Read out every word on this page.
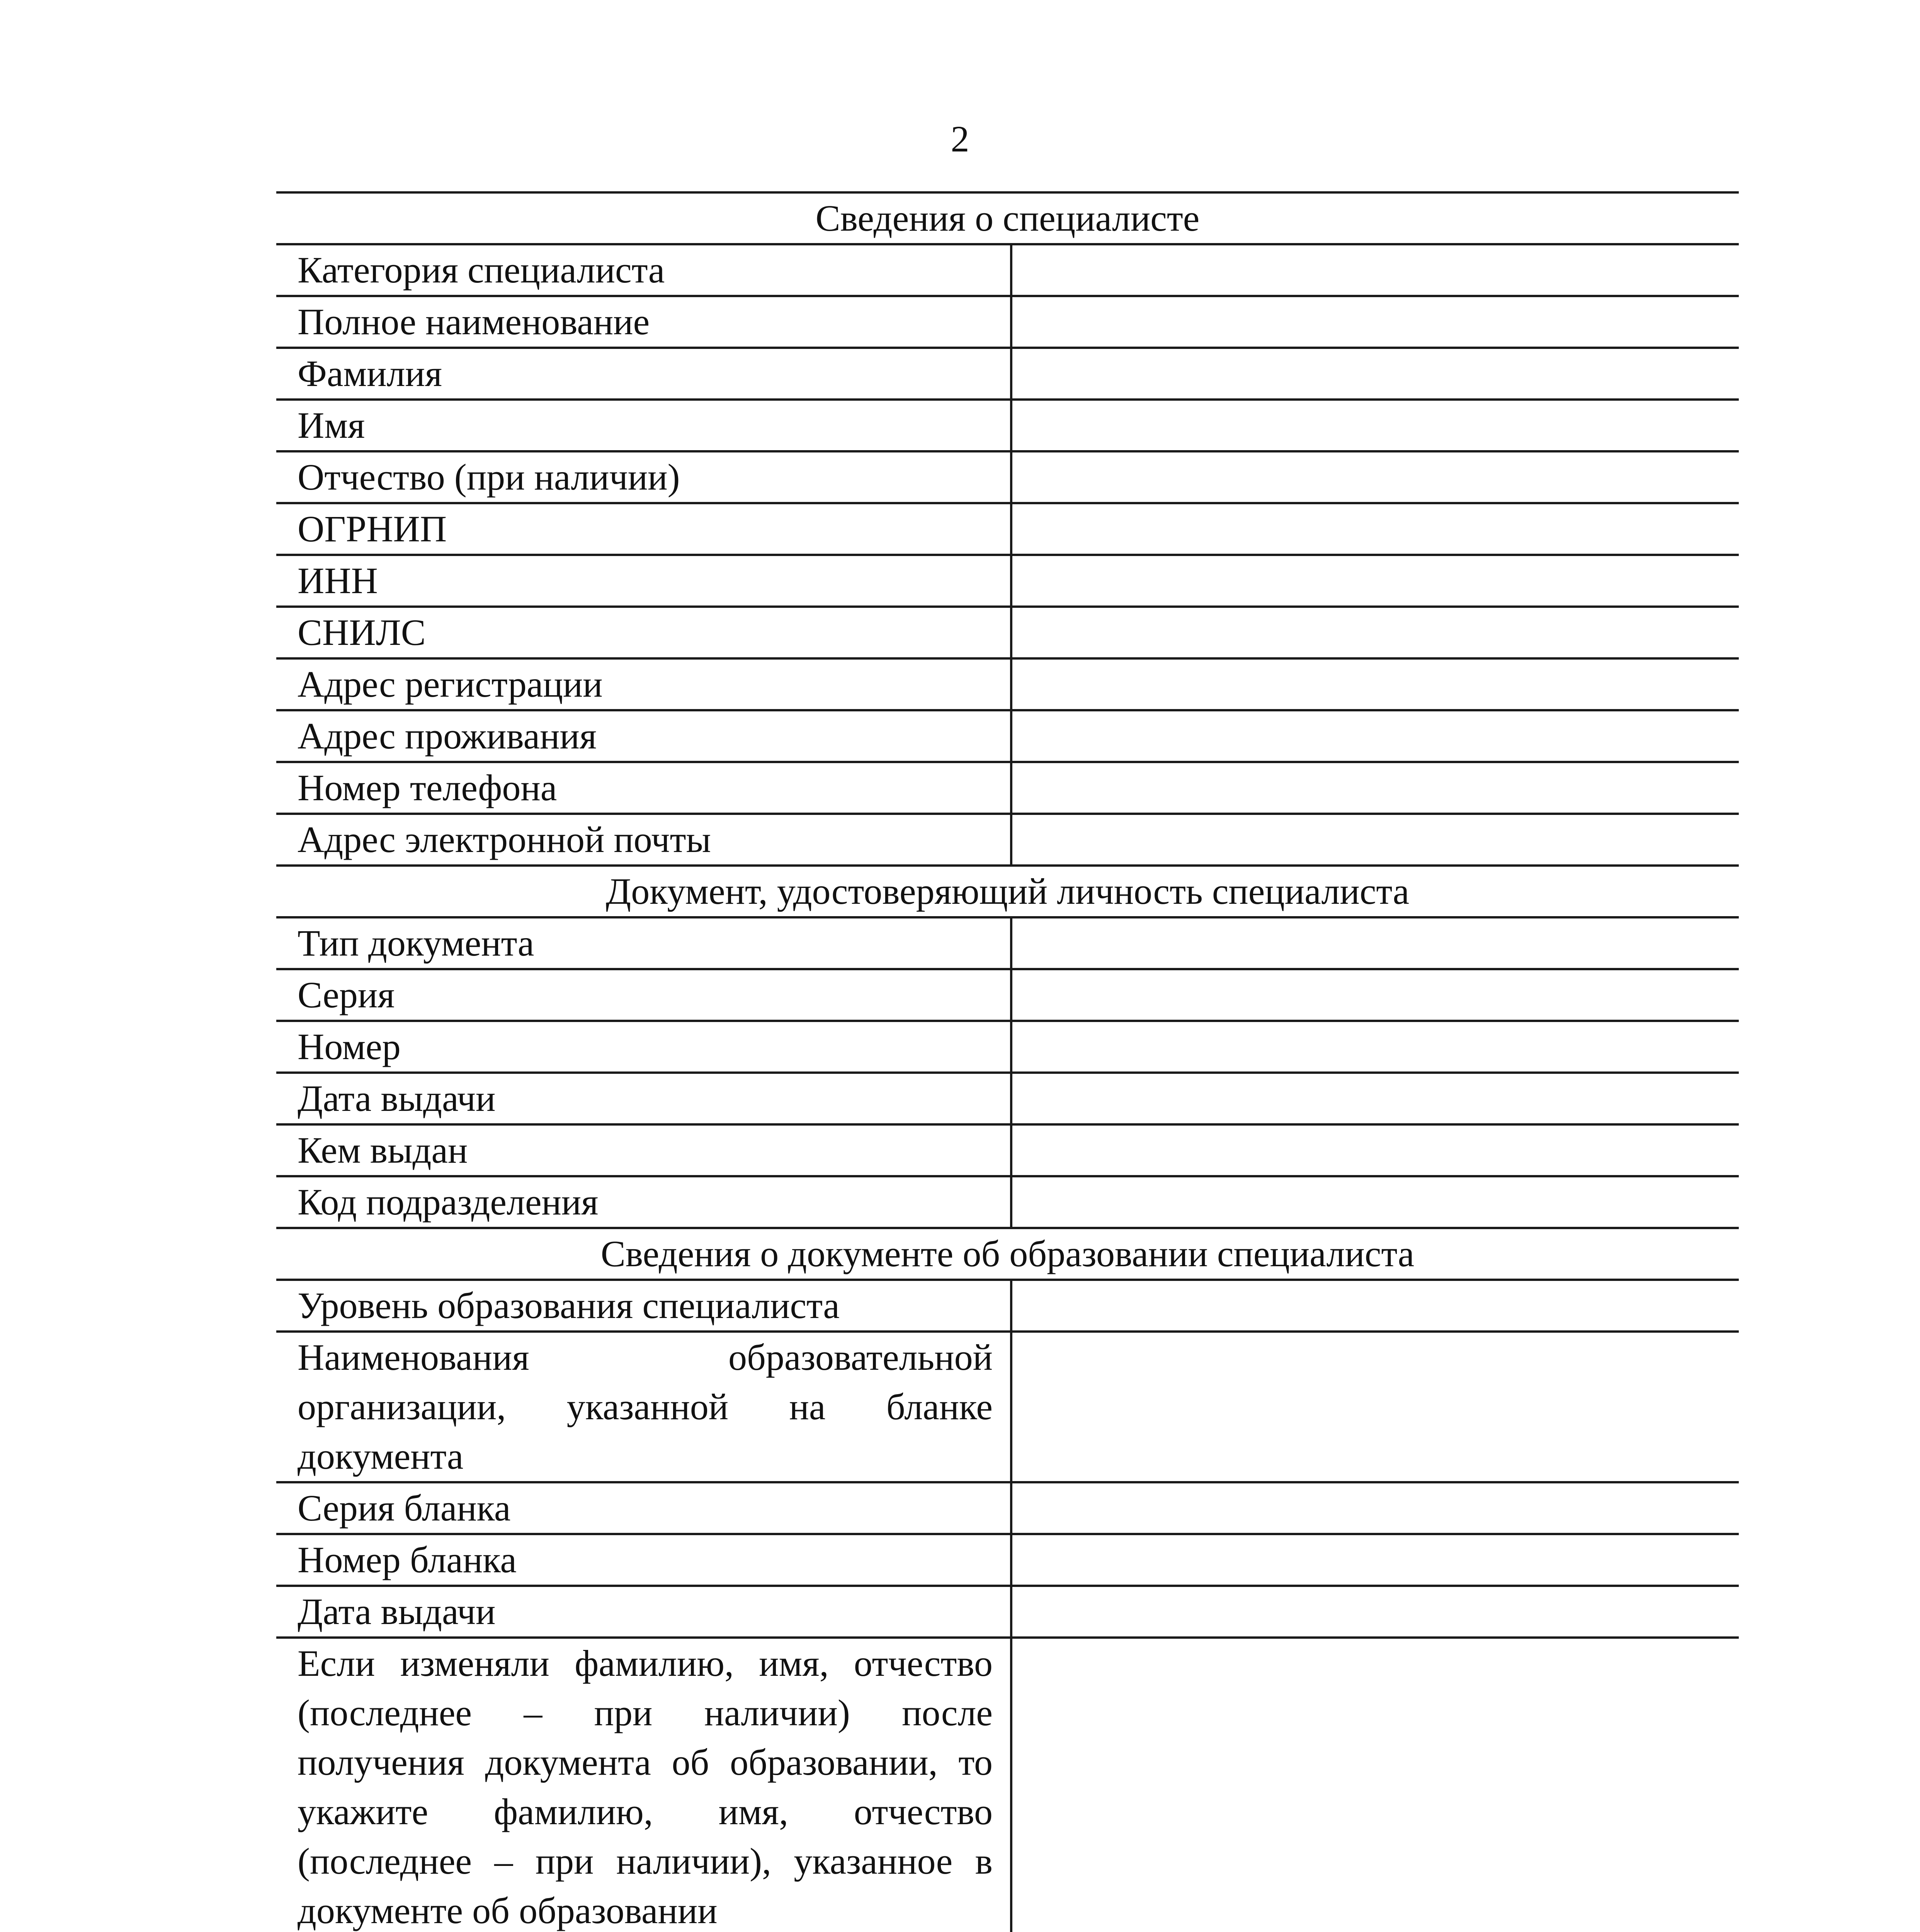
2
Сведения о специалисте
Категория специалиста
Полное наименование
Фамилия
Имя
Отчество (при наличии)
ОГРНИП
ИНН
СНИЛС
Адрес регистрации
Адрес проживания
Номер телефона
Адрес электронной почты
Документ, удостоверяющий личность специалиста
Тип документа
Серия
Номер
Дата выдачи
Кем выдан
Код подразделения
Сведения о документе об образовании специалиста
Уровень образования специалиста
Наименования образовательной организации, указанной на бланке документа
Серия бланка
Номер бланка
Дата выдачи
Если изменяли фамилию, имя, отчество (последнее – при наличии) после получения документа об образовании, то укажите фамилию, имя, отчество (последнее – при наличии), указанное в документе об образовании
